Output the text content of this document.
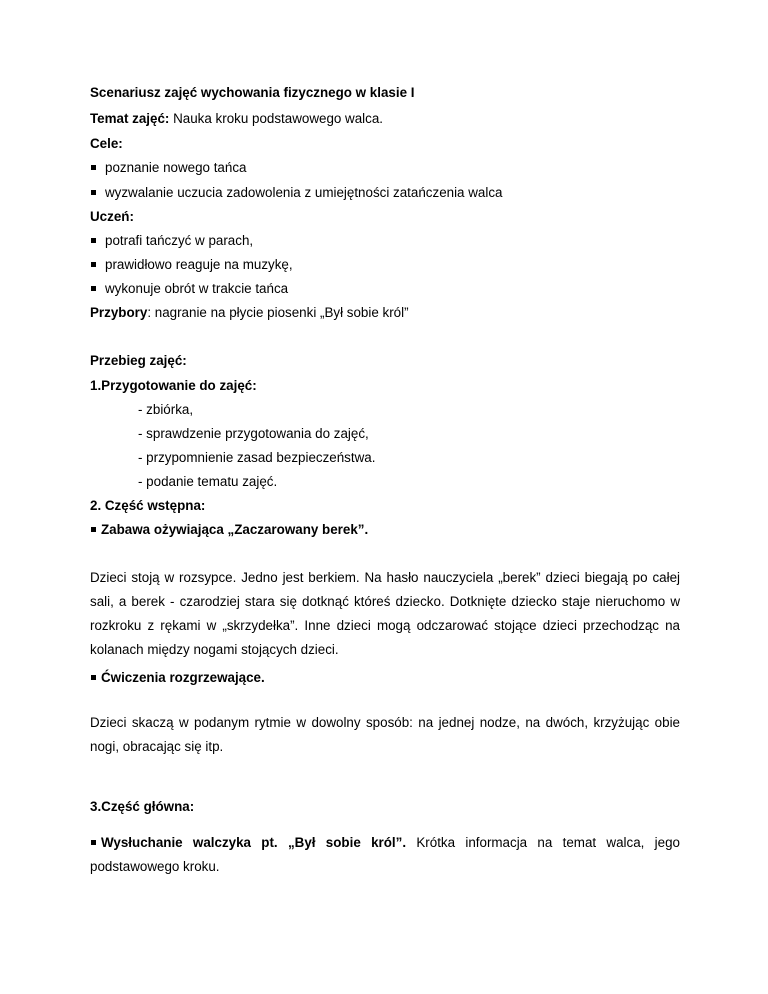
Scenariusz zajęć wychowania fizycznego w klasie I
Temat zajęć: Nauka kroku podstawowego walca.
Cele:
poznanie nowego tańca
wyzwalanie uczucia zadowolenia z umiejętności zatańczenia walca
Uczeń:
potrafi tańczyć w parach,
prawidłowo reaguje na muzykę,
wykonuje obrót w trakcie tańca
Przybory: nagranie na płycie piosenki „Był sobie król”
Przebieg zajęć:
1.Przygotowanie do zajęć:
- zbiórka,
- sprawdzenie przygotowania do zajęć,
- przypomnienie zasad bezpieczeństwa.
- podanie tematu zajęć.
2. Część wstępna:
Zabawa ożywiająca „Zaczarowany berek”.
Dzieci stoją w rozsypce. Jedno jest berkiem. Na hasło nauczyciela „berek” dzieci biegają po całej sali, a berek - czarodziej stara się dotknąć któreś dziecko. Dotknięte dziecko staje nieruchomo w rozkroku z rękami w „skrzydełka”. Inne dzieci mogą odczarować stojące dzieci przechodząc na kolanach między nogami stojących dzieci.
Ćwiczenia rozgrzewające.
Dzieci skaczą w podanym rytmie w dowolny sposób: na jednej nodze, na dwóch, krzyżując obie nogi, obracając się itp.
3.Część główna:
Wysłuchanie walczyka pt. „Był sobie król”. Krótka informacja na temat walca, jego podstawowego kroku.
